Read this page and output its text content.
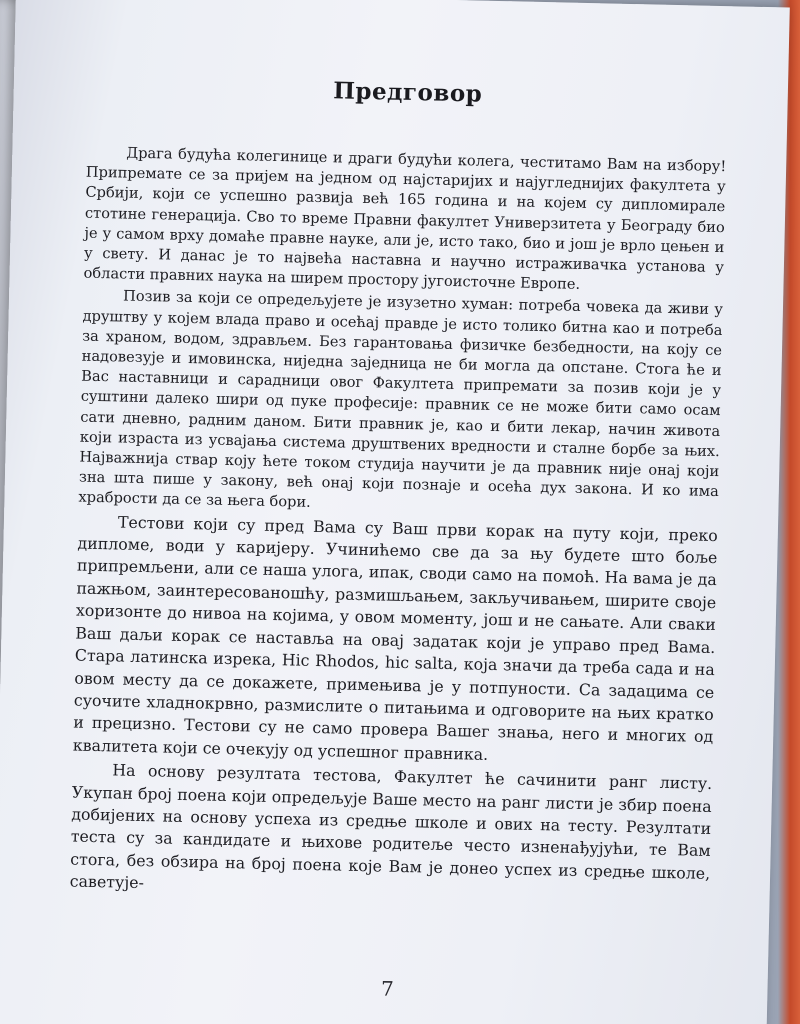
Предговор

Драга будућа колегинице и драги будући колега, честитамо Вам на избору! Припремате се за пријем на једном од најстаријих и најугледнијих факултета у Србији, који се успешно развија већ 165 година и на којем су дипломирале стотине генерација. Сво то време Правни факултет Универзитета у Београду био је у самом врху домаће правне науке, али је, исто тако, био и још је врло цењен и у свету. И данас је то највећа наставна и научно истраживачка установа у области правних наука на ширем простору југоисточне Европе.

Позив за који се опредељујете је изузетно хуман: потреба човека да живи у друштву у којем влада право и осећај правде је исто толико битна као и потреба за храном, водом, здрављем. Без гарантовања физичке безбедности, на коју се надовезује и имовинска, ниједна заједница не би могла да опстане. Стога ће и Вас наставници и сарадници овог Факултета припремати за позив који је у суштини далеко шири од пуке професије: правник се не може бити само осам сати дневно, радним даном. Бити правник је, као и бити лекар, начин живота који израста из усвајања система друштвених вредности и сталне борбе за њих. Најважнија ствар коју ћете током студија научити је да правник није онај који зна шта пише у закону, већ онај који познаје и осећа дух закона. И ко има храбрости да се за њега бори.

Тестови који су пред Вама су Ваш први корак на путу који, преко дипломе, води у каријеру. Учинићемо све да за њу будете што боље припремљени, али се наша улога, ипак, своди само на помоћ. На вама је да пажњом, заинтересованошћу, размишљањем, закључивањем, ширите своје хоризонте до нивоа на којима, у овом моменту, још и не сањате. Али сваки Ваш даљи корак се наставља на овај задатак који је управо пред Вама. Стара латинска изрека, Hic Rhodos, hic salta, која значи да треба сада и на овом месту да се докажете, примењива је у потпуности. Са задацима се суочите хладнокрвно, размислите о питањима и одговорите на њих кратко и прецизно. Тестови су не само провера Вашег знања, него и многих од квалитета који се очекују од успешног правника.

На основу резултата тестова, Факултет ће сачинити ранг листу. Укупан број поена који опредељује Ваше место на ранг листи је збир поена добијених на основу успеха из средње школе и ових на тесту. Резултати теста су за кандидате и њихове родитеље често изненађујући, те Вам стога, без обзира на број поена које Вам је донео успех из средње школе, саветује-

7
